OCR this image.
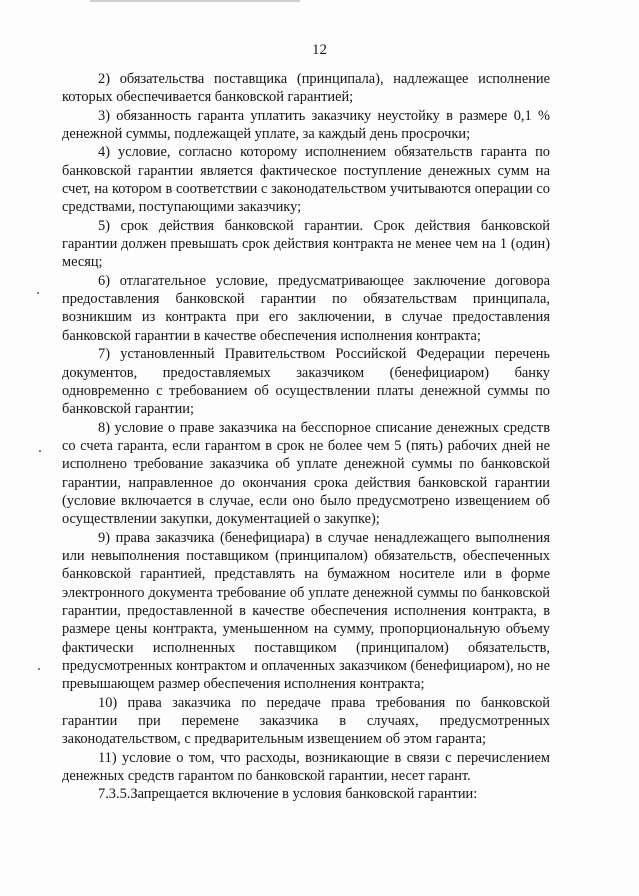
12

2) обязательства поставщика (принципала), надлежащее исполнение которых обеспечивается банковской гарантией;

3) обязанность гаранта уплатить заказчику неустойку в размере 0,1 % денежной суммы, подлежащей уплате, за каждый день просрочки;

4) условие, согласно которому исполнением обязательств гаранта по банковской гарантии является фактическое поступление денежных сумм на счет, на котором в соответствии с законодательством учитываются операции со средствами, поступающими заказчику;

5) срок действия банковской гарантии. Срок действия банковской гарантии должен превышать срок действия контракта не менее чем на 1 (один) месяц;

6) отлагательное условие, предусматривающее заключение договора предоставления банковской гарантии по обязательствам принципала, возникшим из контракта при его заключении, в случае предоставления банковской гарантии в качестве обеспечения исполнения контракта;

7) установленный Правительством Российской Федерации перечень документов, предоставляемых заказчиком (бенефициаром) банку одновременно с требованием об осуществлении платы денежной суммы по банковской гарантии;

8) условие о праве заказчика на бесспорное списание денежных средств со счета гаранта, если гарантом в срок не более чем 5 (пять) рабочих дней не исполнено требование заказчика об уплате денежной суммы по банковской гарантии, направленное до окончания срока действия банковской гарантии (условие включается в случае, если оно было предусмотрено извещением об осуществлении закупки, документацией о закупке);

9) права заказчика (бенефициара) в случае ненадлежащего выполнения или невыполнения поставщиком (принципалом) обязательств, обеспеченных банковской гарантией, представлять на бумажном носителе или в форме электронного документа требование об уплате денежной суммы по банковской гарантии, предоставленной в качестве обеспечения исполнения контракта, в размере цены контракта, уменьшенном на сумму, пропорциональную объему фактически исполненных поставщиком (принципалом) обязательств, предусмотренных контрактом и оплаченных заказчиком (бенефициаром), но не превышающем размер обеспечения исполнения контракта;

10) права заказчика по передаче права требования по банковской гарантии при перемене заказчика в случаях, предусмотренных законодательством, с предварительным извещением об этом гаранта;

11) условие о том, что расходы, возникающие в связи с перечислением денежных средств гарантом по банковской гарантии, несет гарант.

7.3.5.Запрещается включение в условия банковской гарантии:
